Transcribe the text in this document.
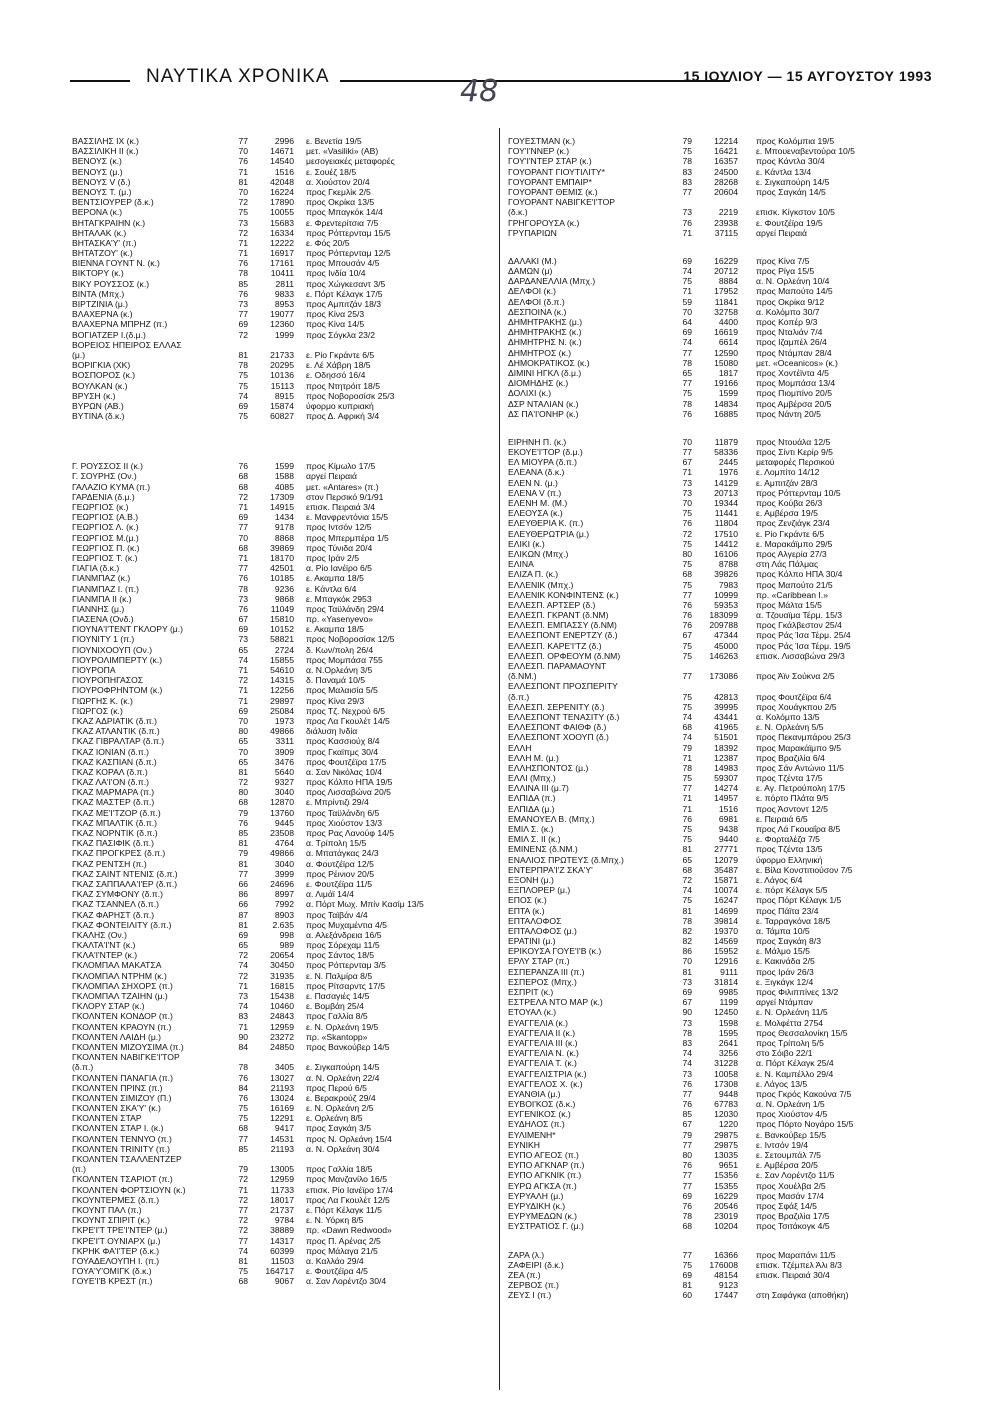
ΝΑΥΤΙΚΑ ΧΡΟΝΙΚΑ	48	15 ΙΟΥΛΙΟΥ — 15 ΑΥΓΟΥΣΤΟΥ 1993
ΒΑΣΣΙΛΗΣ IX (κ.)	77	2996	ε. Βενετία 19/5
ΒΑΣΣΙΛΙΚΗ II (κ.)	70	14671	μετ. «Vasiliki» (ΑΒ)
ΒΕΝΟΥΣ (κ.)	76	14540	μεσογειακές μεταφορές
ΒΕΝΟΥΣ (μ.)	71	1516	ε. Σουέζ 18/5
ΒΕΝΟΥΣ V (δ.)	81	42048	α. Χιούστον 20/4
ΒΕΝΟΥΣ Τ. (μ.)	70	16224	προς Γκεμλίκ 2/5
ΒΕΝΤΣΙΟΥΡΕΡ (δ.κ.)	72	17890	προς Οκρίκα 13/5
ΒΕΡΟΝΑ (κ.)	75	10055	προς Μπαγκόκ 14/4
ΒΗΤΑΓΚΡΑΙΗΝ (κ.)	73	15683	ε. Φρεντερίτσια 7/5
ΒΗΤΑΛΑΚ (κ.)	72	16334	προς Ρόττερνταμ 15/5
ΒΗΤΑΣΚΑ'Υ' (π.)	71	12222	ε. Φός 20/5
ΒΗΤΑΤΖΟΥ' (κ.)	71	16917	προς Ρόττερνταμ 12/5
ΒΙΕΝΝΑ ΓΟΥΝΤ Ν. (κ.)	76	17161	προς Μπουσάν 4/5
ΒΙΚΤΟΡΥ (κ.)	78	10411	προς Ινδία 10/4
ΒΙΚΥ ΡΟΥΣΣΟΣ (κ.)	85	2811	προς Χώγκεσαντ 3/5
ΒΙΝΤΑ (Μπχ.)	76	9833	ε. Πόρτ Κέλαγκ 17/5
ΒΙΡΤΖΙΝΙΑ (μ.)	73	8953	προς Αμπιτζάν 18/3
ΒΛΑΧΕΡΝΑ (κ.)	77	19077	προς Κίνα 25/3
ΒΛΑΧΕΡΝΑ ΜΠΡΗΖ (π.)	69	12360	προς Κίνα 14/5
ΒΟΓΙΑΤΖΕΡ Ι.(δ.μ.)	72	1999	προς Σόγκλα 23/2
ΒΟΡΕΙΟΣ ΗΠΕΙΡΟΣ ΕΛΛΑΣ
(μ.)	81	21733	ε. Ρίο Γκράντε 6/5
ΒΟΡΙΓΚΙΑ (ΧΚ)	78	20295	ε. Λέ Χάβρη 18/5
ΒΟΣΠΟΡΟΣ (κ.)	75	10136	ε. Οδησσό 16/4
ΒΟΥΛΚΑΝ (κ.)	75	15113	προς Ντητρόιτ 18/5
ΒΡΥΣΗ (κ.)	74	8915	προς Νοβοροσίσκ 25/3
ΒΥΡΩΝ (ΑΒ.)	69	15874	ύφορμο κυπριακή
ΒΥΤΙΝΑ (δ.κ.)	75	60827	προς Δ. Αφρική 3/4
Γ. ΡΟΥΣΣΟΣ II (κ.)	76	1599	προς Κίμωλο 17/5
Γ. ΣΟΥΡΗΣ (Ον.)	68	1588	αργεί Πειραιά
ΓΑΛΑΖΙΟ ΚΥΜΑ (π.)	68	4085	μετ. «Antares» (π.)
ΓΑΡΔΕΝΙΑ (δ.μ.)	72	17309	στον Περσικό 9/1/91
ΓΕΩΡΓΙΟΣ (κ.)	71	14915	επισκ. Πειραιά 3/4
ΓΕΩΡΓΙΟΣ (Α.Β.)	69	1434	ε. Μανφρεντόνια 15/5
ΓΕΩΡΓΙΟΣ Λ. (κ.)	77	9178	προς Ιντσόν 12/5
ΓΕΩΡΓΙΟΣ Μ.(μ.)	70	8868	προς Μπερμπέρα 1/5
ΓΕΩΡΓΙΟΣ Π. (κ.)	68	39869	προς Τύνιδα 20/4
ΓΕΩΡΓΙΟΣ Τ. (κ.)	71	18170	προς Ιράν 2/5
ΓΙΑΓΙΑ (δ.κ.)	77	42501	α. Ρίο Ιανέϊρο 6/5
ΓΙΑΝΜΠΑΖ (κ.)	76	10185	ε. Ακαμπα 18/5
ΓΙΑΝΜΠΑΖ Ι. (π.)	78	9236	ε. Κάντλα 6/4
ΓΙΑΝΜΠΑ II (κ.)	73	9868	ε. Μπαγκόκ 2953
ΓΙΑΝΝΗΣ (μ.)	76	11049	προς Ταϋλάνδη 29/4
ΓΙΑΣΕΝΑ (Ονδ.)	67	15810	πρ. «Yasenyevo»
ΓΙΟΥΝΑ'Ι'ΤΕΝΤ ΓΚΛΟΡΥ (μ.)	69	10152	ε. Ακαμπα 18/5
ΓΙΟΥΝΙΤΥ 1 (π.)	73	58821	προς Νοβοροσίσκ 12/5
ΓΙΟΥΝΙΧΟΟΥΠ (Ον.)	65	2724	δ. Κων/πολη 26/4
ΓΙΟΥΡΟΛΙΜΠΕΡΤΥ (κ.)	74	15855	προς Μομπάσα 755
ΓΙΟΥΡΟΠΑ	71	54610	α. Ν.Ορλεάνη 3/5
ΓΙΟΥΡΟΠΗΓΑΣΟΣ	72	14315	δ. Παναμά 10/5
ΓΙΟΥΡΟΦΡΗΝΤΟΜ (κ.)	71	12256	προς Μαλαισία 5/5
ΓΙΩΡΓΗΣ Κ. (κ.)	71	29897	προς Κίνα 29/3
ΓΙΩΡΓΟΣ (κ.)	69	25084	προς Τζ. Νεχρού 6/5
ΓΚΑΖ ΑΔΡΙΑΤΙΚ (δ.π.)	70	1973	προς Λα Γκουλέτ 14/5
ΓΚΑΖ ΑΤΛΑΝΤΙΚ (δ.π.)	80	49866	διάλυση Ινδία
ΓΚΑΖ ΓΙΒΡΑΛΤΑΡ (δ.π.)	65	3311	προς Κασσιούχ 8/4
ΓΚΑΖ ΙΟΝΙΑΝ (δ.π.)	70	3909	προς Γκαϊπμς 30/4
ΓΚΑΖ ΚΑΣΠΙΑΝ (δ.π.)	65	3476	προς Φουτζέϊρα 17/5
ΓΚΑΖ ΚΟΡΑΛ (δ.π.)	81	5640	α. Σαν Νικόλας 10/4
ΓΚΑΖ ΛΑ'Ι'ΟΝ (δ.π.)	72	9327	προς Κόλπο ΗΠΑ 19/5
ΓΚΑΖ ΜΑΡΜΑΡΑ (π.)	80	3040	προς Λισσαβώνα 20/5
ΓΚΑΖ ΜΑΣΤΕΡ (δ.π.)	68	12870	ε. Μπρίντιζι 29/4
ΓΚΑΖ ΜΕ'Ι'ΤΖΟΡ (δ.π.)	79	13760	προς Ταϋλάνδη 6/5
ΓΚΑΖ ΜΠΑΛΤΙΚ (δ.π.)	76	9445	προς Χιούστον 13/3
ΓΚΑΖ ΝΟΡΝΤΙΚ (δ.π.)	85	23508	προς Ρας Λανούφ 14/5
ΓΚΑΖ ΠΑΣΙΦΙΚ (δ.π.)	81	4764	α. Τρίπολη 15/5
ΓΚΑΖ ΠΡΟΓΚΡΕΣ (δ.π.)	79	49866	α. Μπατάγκας 24/3
ΓΚΑΖ ΡΕΝΤΣΗ (π.)	81	3040	α. Φουτζέϊρα 12/5
ΓΚΑΖ ΣΑΙΝΤ ΝΤΕΝΙΣ (δ.π.)	77	3999	προς Ρέινιον 20/5
ΓΚΑΖ ΣΑΠΠΑΛΑ'Ι'ΕΡ (δ.π.)	66	24696	ε. Φουτζέϊρα 11/5
ΓΚΑΖ ΣΥΜΦΟΝΥ (δ.π.)	86	8997	α. Λιμάϊ 14/4
ΓΚΑΖ ΤΣΑΝΝΕΛ (δ.π.)	66	7992	α. Πόρτ Μωχ. Μπίν Κασίμ 13/5
ΓΚΑΖ ΦΑΡΗΣΤ (δ.π.)	87	8903	προς Ταϊβάν 4/4
ΓΚΑΖ ΦΟΝΤΕΙΛΙΤΥ (δ.π.)	81	2.635	προς Μυχαμέντια 4/5
ΓΚΑΛΗΣ (Ον.)	69	998	α. Αλεξάνδρεια 16/5
ΓΚΑΛΤΑ'Ι'ΝΤ (κ.)	65	989	προς Σόρεχαμ 11/5
ΓΚΛΑ'Ι'ΝΤΕΡ (κ.)	72	20654	προς Σάντος 18/5
ΓΚΛΟΜΠΑΛ ΜΑΚΑΤΣΑ	74	30450	προς Ρόττερνταμ 3/5
ΓΚΛΟΜΠΑΛ ΝΤΡΗΜ (κ.)	72	31935	ε. Ν. Παλμίρα 8/5
ΓΚΛΟΜΠΑΛ ΣΗΧΟΡΣ (π.)	71	16815	προς Ρίτσαρντς 17/5
ΓΚΛΟΜΠΑΛ ΤΖΑΙΗΝ (μ.)	73	15438	ε. Πασαγιές 14/5
ΓΚΛΟΡΥ ΣΤΑΡ (κ.)	74	10460	ε. Βομβάη 25/4
ΓΚΟΛΝΤΕΝ ΚΟΝΔΟΡ (π.)	83	24843	προς Γαλλία 8/5
ΓΚΟΛΝΤΕΝ ΚΡΑΟΥΝ (π.)	71	12959	ε. Ν. Ορλεάνη 19/5
ΓΚΟΛΝΤΕΝ ΛΑΙΔΗ (μ.)	90	23272	πρ. «Skantopp»
ΓΚΟΛΝΤΕΝ ΜΙΖΟΥΣΙΜΑ (π.)	84	24850	προς Βανκούβερ 14/5
ΓΚΟΛΝΤΕΝ ΝΑΒΙΓΚΕ'Ι'ΤΟΡ
(δ.π.)	78	3405	ε. Σιγκαπούρη 14/5
ΓΚΟΛΝΤΕΝ ΠΑΝΑΓΙΑ (π.)	76	13027	α. Ν. Ορλεάνη 22/4
ΓΚΟΛΝΤΕΝ ΠΡΙΝΣ (π.)	84	21193	προς Περού 6/5
ΓΚΟΛΝΤΕΝ ΣΙΜΙΖΟΥ (Π.)	76	13024	ε. Βερακρούζ 29/4
ΓΚΟΛΝΤΕΝ ΣΚΑ'Υ' (κ.)	75	16169	ε. Ν. Ορλεάνη 2/5
ΓΚΟΛΝΤΕΝ ΣΤΑΡ	75	12291	ε. Ορλεάνη 8/5
ΓΚΟΛΝΤΕΝ ΣΤΑΡ Ι. (κ.)	68	9417	προς Σαγκάη 3/5
ΓΚΟΛΝΤΕΝ ΤΕΝΝΥΟ (π.)	77	14531	προς Ν. Ορλεάνη 15/4
ΓΚΟΛΝΤΕΝ TRINITY (π.)	85	21193	α. Ν. Ορλεάνη 30/4
ΓΚΟΛΝΤΕΝ ΤΣΑΛΛΕΝΤΖΕΡ
(π.)	79	13005	προς Γαλλία 18/5
ΓΚΟΛΝΤΕΝ ΤΣΑΡΙΟΤ (π.)	72	12959	προς Μανζανίλο 16/5
ΓΚΟΛΝΤΕΝ ΦΟΡΤΣΙΟΥΝ (κ.)	71	11733	επισκ. Ρίο Ιανέϊρο 17/4
ΓΚΟΥΝΤΕΡΜΕΣ (δ.π.)	72	18017	προς Λα Γκουλέτ 12/5
ΓΚΟΥΝΤ ΠΑΛ (π.)	77	21737	ε. Πόρτ Κέλαγκ 11/5
ΓΚΟΥΝΤ ΣΠΙΡΙΤ (κ.)	72	9784	ε. Ν. Υόρκη 8/5
ΓΚΡΕ'Ι'Τ ΤΡΕ'Ι'ΝΤΕΡ (μ.)	72	38889	πρ. «Dawn Redwood»
ΓΚΡΕ'Ι'Τ ΟΥΝΙΑΡΧ (μ.)	77	14317	προς Π. Αρένας 2/5
ΓΚΡΗΚ ΦΑ'Ι'ΤΕΡ (δ.κ.)	74	60399	προς Μάλαγα 21/5
ΓΟΥΑΔΕΛΟΥΠΗ Ι. (π.)	81	11503	α. Καλλάο 29/4
ΓΟΥΑ'Υ'ΟΜΙΓΚ (δ.κ.)	75	164717	ε. Φουτζέϊρα 4/5
ΓΟΥΕ'Ι'Β ΚΡΕΣΤ (π.)	68	9067	α. Σαν Λορέντζο 30/4
ΓΟΥΕΣΤΜΑΝ (κ.)	79	12214	προς Κολόμπια 19/5
ΓΟΥ'Ι'ΝΝΕΡ (κ.)	75	16421	ε. Μπουεναβεντούρα 10/5
ΓΟΥ'Ι'ΝΤΕΡ ΣΤΑΡ (κ.)	78	16357	προς Κάντλα 30/4
ΓΟΥΟΡΑΝΤ ΓΙΟΥΤΙΛΙΤΥ*	83	24500	ε. Κάντλα 13/4
ΓΟΥΟΡΑΝΤ ΕΜΠΑΙΡ*	83	28268	ε. Σιγκαπούρη 14/5
ΓΟΥΟΡΑΝΤ ΘΕΜΙΣ (κ.)	77	20604	προς Σαγκάη 14/5
ΓΟΥΟΡΑΝΤ ΝΑΒΙΓΚΕ'Ι'ΤΟΡ
(δ.κ.)	73	2219	επισκ. Κίγκστον 10/5
ΓΡΗΓΟΡΟΥΣΑ (κ.)	76	23938	ε. Φουτζέϊρα 19/5
ΓΡΥΠΑΡΙΩΝ	71	37115	αργεί Πειραιά
ΔΑΛΑΚΙ (Μ.)	69	16229	προς Κίνα 7/5
ΔΑΜΩΝ (μ)	74	20712	προς Ρίγα 15/5
ΔΑΡΔΑΝΕΛΛΙΑ (Μπχ.)	75	8884	α. Ν. Ορλεάνη 10/4
ΔΕΛΦΟΙ (κ.)	71	17952	προς Μαπούτο 14/5
ΔΕΛΦΟΙ (δ.π.)	59	11841	προς Οκρίκα 9/12
ΔΕΣΠΟΙΝΑ (κ.)	70	32758	α. Κολόμπο 30/7
ΔΗΜΗΤΡΑΚΗΣ (μ.)	64	4400	προς Κοπέρ 9/3
ΔΗΜΗΤΡΑΚΗΣ (κ.)	69	16619	προς Νταλιάν 7/4
ΔΗΜΗΤΡΗΣ Ν. (κ.)	74	6614	προς Ιζαμπέλ 26/4
ΔΗΜΗΤΡΟΣ (κ.)	77	12590	προς Ντάμπαν 28/4
ΔΗΜΟΚΡΑΤΙΚΟΣ (κ.)	78	15080	μετ. «Oceanicos» (κ.)
ΔΙΜΙΝΙ ΗΓΚΛ (δ.μ.)	65	1817	προς Χοντέϊντα 4/5
ΔΙΟΜΗΔΗΣ (κ.)	77	19166	προς Μομπάσα 13/4
ΔΟΛΙΧΙ (κ.)	75	1599	προς Πιομπίνο 20/5
ΔΣΡ ΝΤΑΛΙΑΝ (κ.)	78	14834	προς Αμβέρσα 20/5
ΔΣ ΠΑ'Ι'ΟΝΗΡ (κ.)	76	16885	προς Νάντη 20/5
ΕΙΡΗΝΗ Π. (κ.)	70	11879	προς Ντουάλα 12/5
ΕΚΟΥΕ'Ι'ΤΟΡ (δ.μ.)	77	58336	προς Σίντι Κερίρ 9/5
ΕΛ ΜΙΟΥΡΑ (δ.π.)	67	2445	μεταφορές Περσικού
ΕΛΕΑΝΑ (δ.κ.)	71	1976	ε. Λομπίτο 14/12
ΕΛΕΝ Ν. (μ.)	73	14129	ε. Αμπιτζάν 28/3
ΕΛΕΝΑ V (π.)	73	20713	προς Ρόττερνταμ 10/5
ΕΛΕΝΗ Μ. (Μ.)	70	19344	προς Κούβα 26/3
ΕΛΕΟΥΣΑ (κ.)	75	11441	ε. Αμβέρσα 19/5
ΕΛΕΥΘΕΡΙΑ Κ. (π.)	76	11804	προς Ζενζιάγκ 23/4
ΕΛΕΥΘΕΡΩΤΡΙΑ (μ.)	72	17510	ε. Ρίο Γκράντε 6/5
ΕΛΙΚΙ (κ.)	75	14412	ε. Μαρακάϊμπο 29/5
ΕΛΙΚΩΝ (Μπχ.)	80	16106	προς Αλγερία 27/3
ΕΛΙΝΑ	75	8788	στη Λάς Πάλμας
ΕΛΙΖΑ Π. (κ.)	68	39826	προς Κόλπο ΗΠΑ 30/4
ΕΛΛΕΝΙΚ (Μπχ.)	75	7983	προς Μαπούτο 21/5
ΕΛΛΕΝΙΚ ΚΟΝΦΙΝΤΕΝΣ (κ.)	77	10999	πρ. «Caribbean I.»
ΕΛΛΕΣΠ. ΑΡΤΣΕΡ (δ.)	76	59353	προς Μάλτα 15/5
ΕΛΛΕΣΠ. ΓΚΡΑΝΤ (δ.ΝΜ)	76	183099	α. Τζουαϊμα Τέρμ. 15/3
ΕΛΛΕΣΠ. ΕΜΠΑΣΣΥ (δ.ΝΜ)	76	209788	προς Γκάλβεστον 25/4
ΕΛΛΕΣΠΟΝΤ ΕΝΕΡΤΖΥ (δ.)	67	47344	προς Ράς Ίσα Τέρμ. 25/4
ΕΛΛΕΣΠ. ΚΑΡΕ'Ι'ΤΖ (δ.)	75	45000	προς Ράς Ίσα Τέρμ. 19/5
ΕΛΛΕΣΠ. ΟΡΦΕΟΥΜ (δ.ΝΜ)	75	146263	επισκ. Λισσαβώνα 29/3
ΕΛΛΕΣΠ. ΠΑΡΑΜΑΟΥΝΤ
(δ.ΝΜ.)	77	173086	προς Άϊν Σούκνα 2/5
ΕΛΛΕΣΠΟΝΤ ΠΡΟΣΠΕΡΙΤΥ
(δ.π.)	75	42813	προς Φουτζέϊρα 6/4
ΕΛΛΕΣΠ. ΣΕΡΕΝΙΤΥ (δ.)	75	39995	προς Χουάγκπου 2/5
ΕΛΛΕΣΠΟΝΤ ΤΕΝΑΣΙΤΥ (δ.)	74	43441	α. Κολόμπο 13/5
ΕΛΛΕΣΠΟΝΤ ΦΑΙΘΦ (δ.)	68	41965	ε. Ν. Ορλεάνη 5/5
ΕΛΛΕΣΠΟΝΤ ΧΟΟΥΠ (δ.)	74	51501	προς Πεκανμπάρου 25/3
ΕΛΛΗ	79	18392	προς Μαρακάϊμπο 9/5
ΕΛΛΗ Μ. (μ.)	71	12387	προς Βραζιλία 6/4
ΕΛΛΗΣΠΟΝΤΟΣ (μ.)	78	14983	προς Σάν Αντώνιο 11/5
ΕΛΛΙ (Μπχ.)	75	59307	προς Τζέντα 17/5
ΕΛΛΙΝΑ III (μ.7)	77	14274	ε. Αγ. Πετρούπολη 17/5
ΕΛΠΙΔΑ (π.)	71	14957	ε. πόρτο Πλάτα 9/5
ΕΛΠΙΔΑ (μ.)	71	1516	προς Άσντοντ 12/5
ΕΜΑΝΟΥΕΛ Β. (Μπχ.)	76	6981	ε. Πειραιά 6/5
ΕΜΙΛ Σ. (κ.)	75	9438	προς Λά Γκουαΐρα 8/5
ΕΜΙΛ Σ. II (κ.)	75	9440	ε. Φορταλέζα 7/5
ΕΜΙΝΕΝΣ (δ.ΝΜ.)	81	27771	προς Τζέντα 13/5
ΕΝΑΛΙΟΣ ΠΡΩΤΕΥΣ (δ.Μπχ.)	65	12079	ύφορμο Ελληνική
ΕΝΤΕΡΠΡΑ'Ι'Ζ ΣΚΑ'Υ'	68	35487	ε. Βίλα Κονστιτιούσον 7/5
ΕΞΟΝΗ (μ.)	72	15871	ε. Λάγος 6/4
ΕΞΠΛΟΡΕΡ (μ.)	74	10074	ε. πόρτ Κέλαγκ 5/5
ΕΠΟΣ (κ.)	75	16247	προς Πόρτ Κέλαγκ 1/5
ΕΠΤΑ (κ.)	81	14699	προς Πάϊτα 23/4
ΕΠΤΑΛΟΦΟΣ	78	39814	ε. Ταρραγκόνα 18/5
ΕΠΤΑΛΟΦΟΣ (μ.)	82	19370	α. Τάμπα 10/5
ΕΡΑΤΙΝΙ (μ.)	82	14569	προς Σαγκάη 8/3
ΕΡΙΚΟΥΣΑ ΓΟΥΕ'Ι'Β (κ.)	86	15952	ε. Μάλμο 15/5
ΕΡΛΥ ΣΤΑΡ (π.)	70	12916	ε. Κακινάδα 2/5
ΕΣΠΕΡΑΝΖΑ III (π.)	81	9111	προς Ιράν 26/3
ΕΣΠΕΡΟΣ (Μπχ.)	73	31814	ε. Ξιγκάγκ 12/4
ΕΣΠΡΙΤ (κ.)	69	9985	προς Φιλιππίνες 13/2
ΕΣΤΡΕΛΑ ΝΤΟ ΜΑΡ (κ.)	67	1199	αργεί Ντάμπαν
ΕΤΟΥΑΛ (κ.)	90	12450	ε. Ν. Ορλεάνη 11/5
ΕΥΑΓΓΕΛΙΑ (κ.)	73	1598	ε. Μολφέττα 2754
ΕΥΑΓΓΕΛΙΑ II (κ.)	78	1595	προς Θεσσαλονίκη 15/5
ΕΥΑΓΓΕΛΙΑ III (κ.)	83	2641	προς Τρίπολη 5/5
ΕΥΑΓΓΕΛΙΑ Ν. (κ.)	74	3256	στο Σόιβο 22/1
ΕΥΑΓΓΕΛΙΑ Τ. (κ.)	74	31228	α. Πόρτ Κέλαγκ 25/4
ΕΥΑΓΓΕΛΙΣΤΡΙΑ (κ.)	73	10058	ε. Ν. Καμπέλλο 29/4
ΕΥΑΓΓΕΛΟΣ Χ. (κ.)	76	17308	ε. Λάγος 13/5
ΕΥΑΝΘΙΑ (μ.)	77	9448	προς Γκρός Κακούνα 7/5
ΕΥΒΟΙ'ΚΟΣ (δ.κ.)	76	67783	α. Ν. Ορλεάνη 1/5
ΕΥΓΕΝΙΚΟΣ (κ.)	85	12030	προς Χιούστον 4/5
ΕΥΔΗΛΟΣ (π.)	67	1220	προς Πόρτο Νογάρο 15/5
ΕΥΛΙΜΕΝΗ*	79	29875	ε. Βανκούβερ 15/5
ΕΥΝΙΚΗ	77	29875	ε. Ιντσόν 19/4
ΕΥΠΟ ΑΓΕΟΣ (π.)	80	13035	ε. Σετουμπάλ 7/5
ΕΥΠΟ ΑΓΚΝΑΡ (π.)	76	9651	ε. Αμβέρσα 20/5
ΕΥΠΟ ΑΓΚΝΙΚ (π.)	77	15356	ε. Σαν Λορέντζο 11/5
ΕΥΡΩ ΑΓΚΣΑ (π.)	77	15355	προς Χουέλβα 2/5
ΕΥΡΥΑΛΗ (μ.)	69	16229	προς Μασάν 17/4
ΕΥΡΥΔΙΚΗ (κ.)	76	20546	προς Σφάξ 14/5
ΕΥΡΥΜΕΔΩΝ (κ.)	78	23019	προς Βραζιλία 17/5
ΕΥΣΤΡΑΤΙΟΣ Γ. (μ.)	68	10204	προς Τσιτάκογκ 4/5
ΖΑΡΑ (λ.)	77	16366	προς Μαραπάνι 11/5
ΖΑΦΕΙΡΙ (δ.κ.)	75	176008	επισκ. Τζέμπελ Άλι 8/3
ΖΕΑ (π.)	69	48154	επισκ. Πειραιά 30/4
ΖΕΡΒΟΣ (π.)	81	9123
ΖΕΥΣ Ι (π.)	60	17447	στη Σαφάγκα (αποθήκη)
